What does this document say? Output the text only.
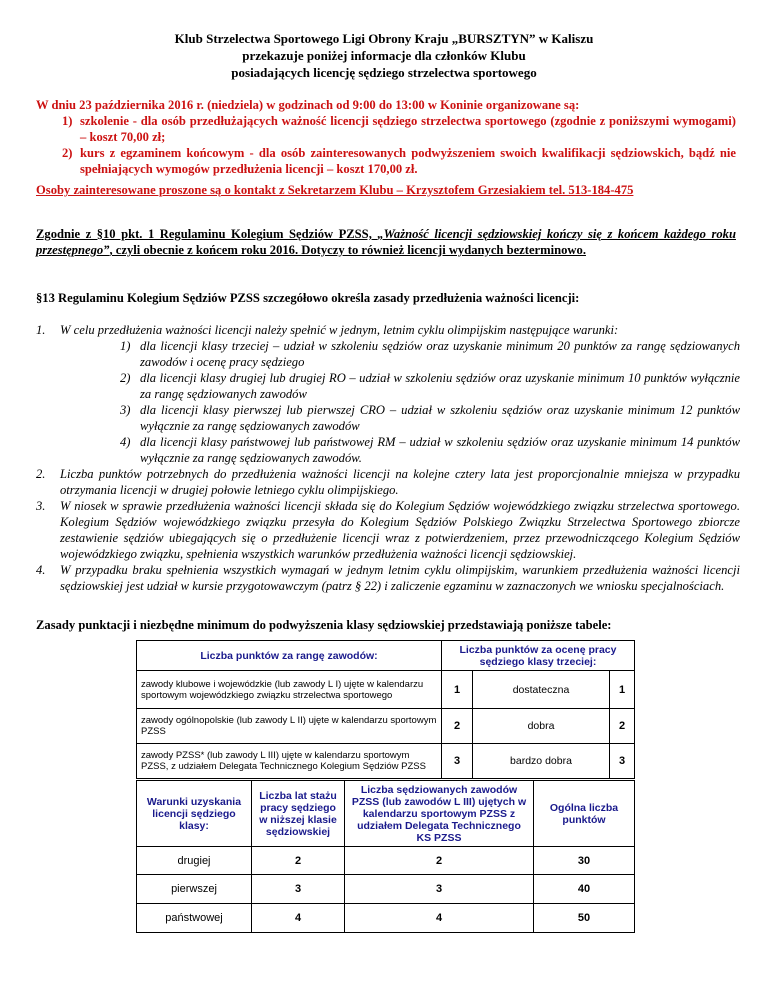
Klub Strzelectwa Sportowego Ligi Obrony Kraju „BURSZTYN” w Kaliszu
przekazuje poniżej informacje dla członków Klubu
posiadających licencję sędziego strzelectwa sportowego
W dniu 23 października 2016 r. (niedziela) w godzinach od 9:00 do 13:00 w Koninie organizowane są:
1) szkolenie - dla osób przedłużających ważność licencji sędziego strzelectwa sportowego (zgodnie z poniższymi wymogami) – koszt 70,00 zł;
2) kurs z egzaminem końcowym - dla osób zainteresowanych podwyższeniem swoich kwalifikacji sędziowskich, bądź nie spełniających wymogów przedłużenia licencji – koszt 170,00 zł.
Osoby zainteresowane proszone są o kontakt z Sekretarzem Klubu – Krzysztofem Grzesiakiem tel. 513-184-475
Zgodnie z §10 pkt. 1 Regulaminu Kolegium Sędziów PZSS, „Ważność licencji sędziowskiej kończy się z końcem każdego roku przestępnego”, czyli obecnie z końcem roku 2016. Dotyczy to również licencji wydanych bezterminowo.
§13 Regulaminu Kolegium Sędziów PZSS szczegółowo określa zasady przedłużenia ważności licencji:
1. W celu przedłużenia ważności licencji należy spełnić w jednym, letnim cyklu olimpijskim następujące warunki:
1) dla licencji klasy trzeciej – udział w szkoleniu sędziów oraz uzyskanie minimum 20 punktów za rangę sędziowanych zawodów i ocenę pracy sędziego
2) dla licencji klasy drugiej lub drugiej RO – udział w szkoleniu sędziów oraz uzyskanie minimum 10 punktów wyłącznie za rangę sędziowanych zawodów
3) dla licencji klasy pierwszej lub pierwszej CRO – udział w szkoleniu sędziów oraz uzyskanie minimum 12 punktów wyłącznie za rangę sędziowanych zawodów
4) dla licencji klasy państwowej lub państwowej RM – udział w szkoleniu sędziów oraz uzyskanie minimum 14 punktów wyłącznie za rangę sędziowanych zawodów.
2. Liczba punktów potrzebnych do przedłużenia ważności licencji na kolejne cztery lata jest proporcjonalnie mniejsza w przypadku otrzymania licencji w drugiej połowie letniego cyklu olimpijskiego.
3. W niosek w sprawie przedłużenia ważności licencji składa się do Kolegium Sędziów wojewódzkiego związku strzelectwa sportowego. Kolegium Sędziów wojewódzkiego związku przesyła do Kolegium Sędziów Polskiego Związku Strzelectwa Sportowego zbiorcze zestawienie sędziów ubiegających się o przedłużenie licencji wraz z potwierdzeniem, przez przewodniczącego Kolegium Sędziów wojewódzkiego związku, spełnienia wszystkich warunków przedłużenia ważności licencji sędziowskiej.
4. W przypadku braku spełnienia wszystkich wymagań w jednym letnim cyklu olimpijskim, warunkiem przedłużenia ważności licencji sędziowskiej jest udział w kursie przygotowawczym (patrz § 22) i zaliczenie egzaminu w zaznaczonych we wniosku specjalnościach.
Zasady punktacji i niezbędne minimum do podwyższenia klasy sędziowskiej przedstawiają poniższe tabele:
Liczba punktów za rangę zawodów:	Liczba punktów za ocenę pracy sędziego klasy trzeciej:		
zawody klubowe i wojewódzkie (lub zawody L I) ujęte w kalendarzu sportowym wojewódzkiego związku strzelectwa sportowego	1	dostateczna	1
zawody ogólnopolskie (lub zawody L II) ujęte w kalendarzu sportowym PZSS	2	dobra	2
zawody PZSS* (lub zawody L III) ujęte w kalendarzu sportowym PZSS, z udziałem Delegata Technicznego Kolegium Sędziów PZSS	3	bardzo dobra	3
Warunki uzyskania licencji sędziego klasy:	Liczba lat stażu pracy sędziego w niższej klasie sędziowskiej	Liczba sędziowanych zawodów PZSS (lub zawodów L III) ujętych w kalendarzu sportowym PZSS z udziałem Delegata Technicznego KS PZSS	Ogólna liczba punktów
drugiej	2	2	30
pierwszej	3	3	40
państwowej	4	4	50
